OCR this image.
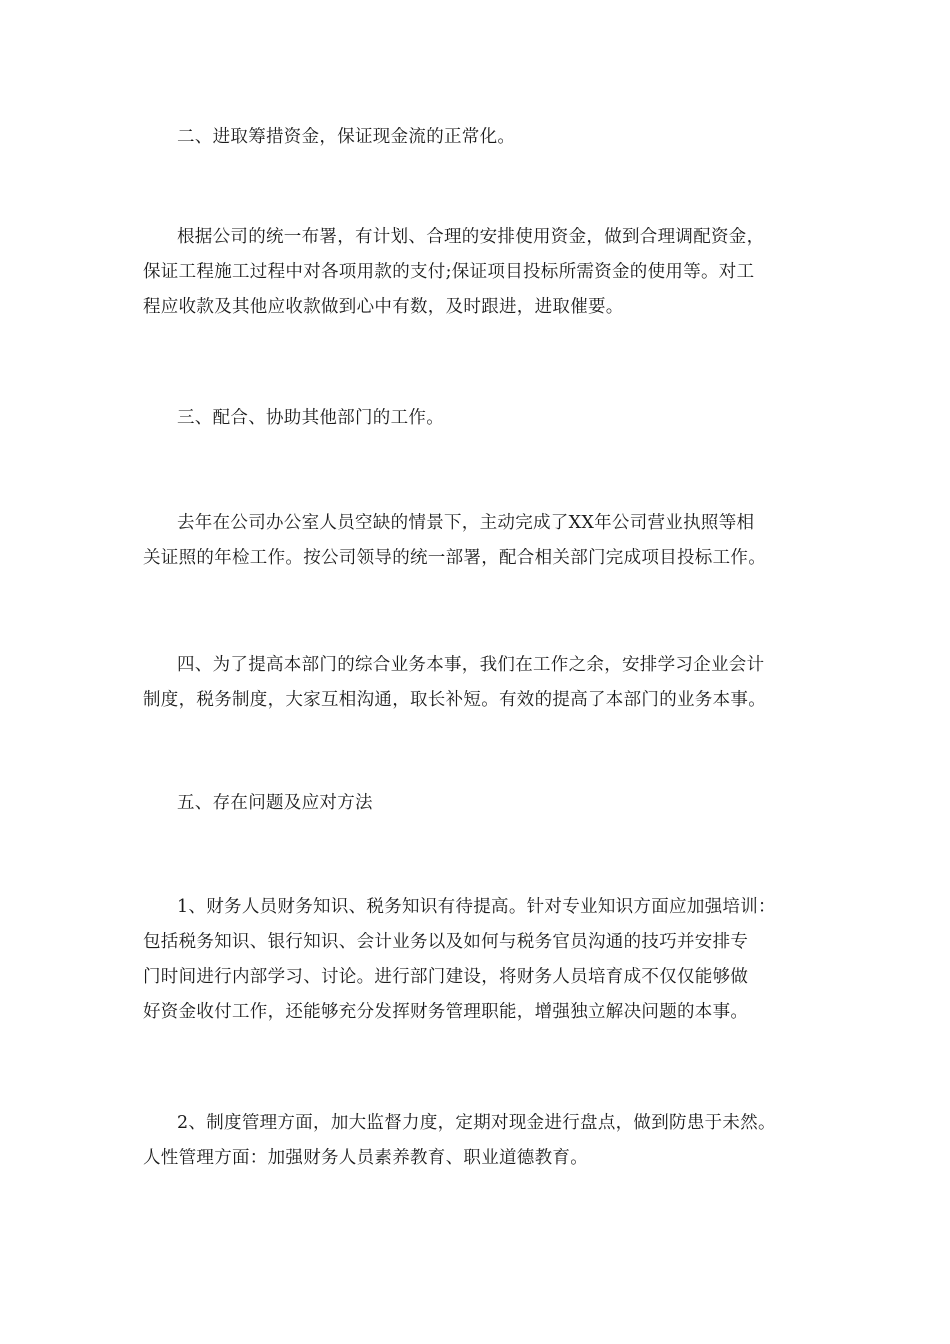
二、进取筹措资金，保证现金流的正常化。

根据公司的统一布署，有计划、合理的安排使用资金，做到合理调配资金，
保证工程施工过程中对各项用款的支付;保证项目投标所需资金的使用等。对工
程应收款及其他应收款做到心中有数，及时跟进，进取催要。

三、配合、协助其他部门的工作。

去年在公司办公室人员空缺的情景下，主动完成了XX年公司营业执照等相
关证照的年检工作。按公司领导的统一部署，配合相关部门完成项目投标工作。

四、为了提高本部门的综合业务本事，我们在工作之余，安排学习企业会计
制度，税务制度，大家互相沟通，取长补短。有效的提高了本部门的业务本事。

五、存在问题及应对方法

1、财务人员财务知识、税务知识有待提高。针对专业知识方面应加强培训：
包括税务知识、银行知识、会计业务以及如何与税务官员沟通的技巧并安排专
门时间进行内部学习、讨论。进行部门建设，将财务人员培育成不仅仅能够做
好资金收付工作，还能够充分发挥财务管理职能，增强独立解决问题的本事。

2、制度管理方面，加大监督力度，定期对现金进行盘点，做到防患于未然。
人性管理方面：加强财务人员素养教育、职业道德教育。
